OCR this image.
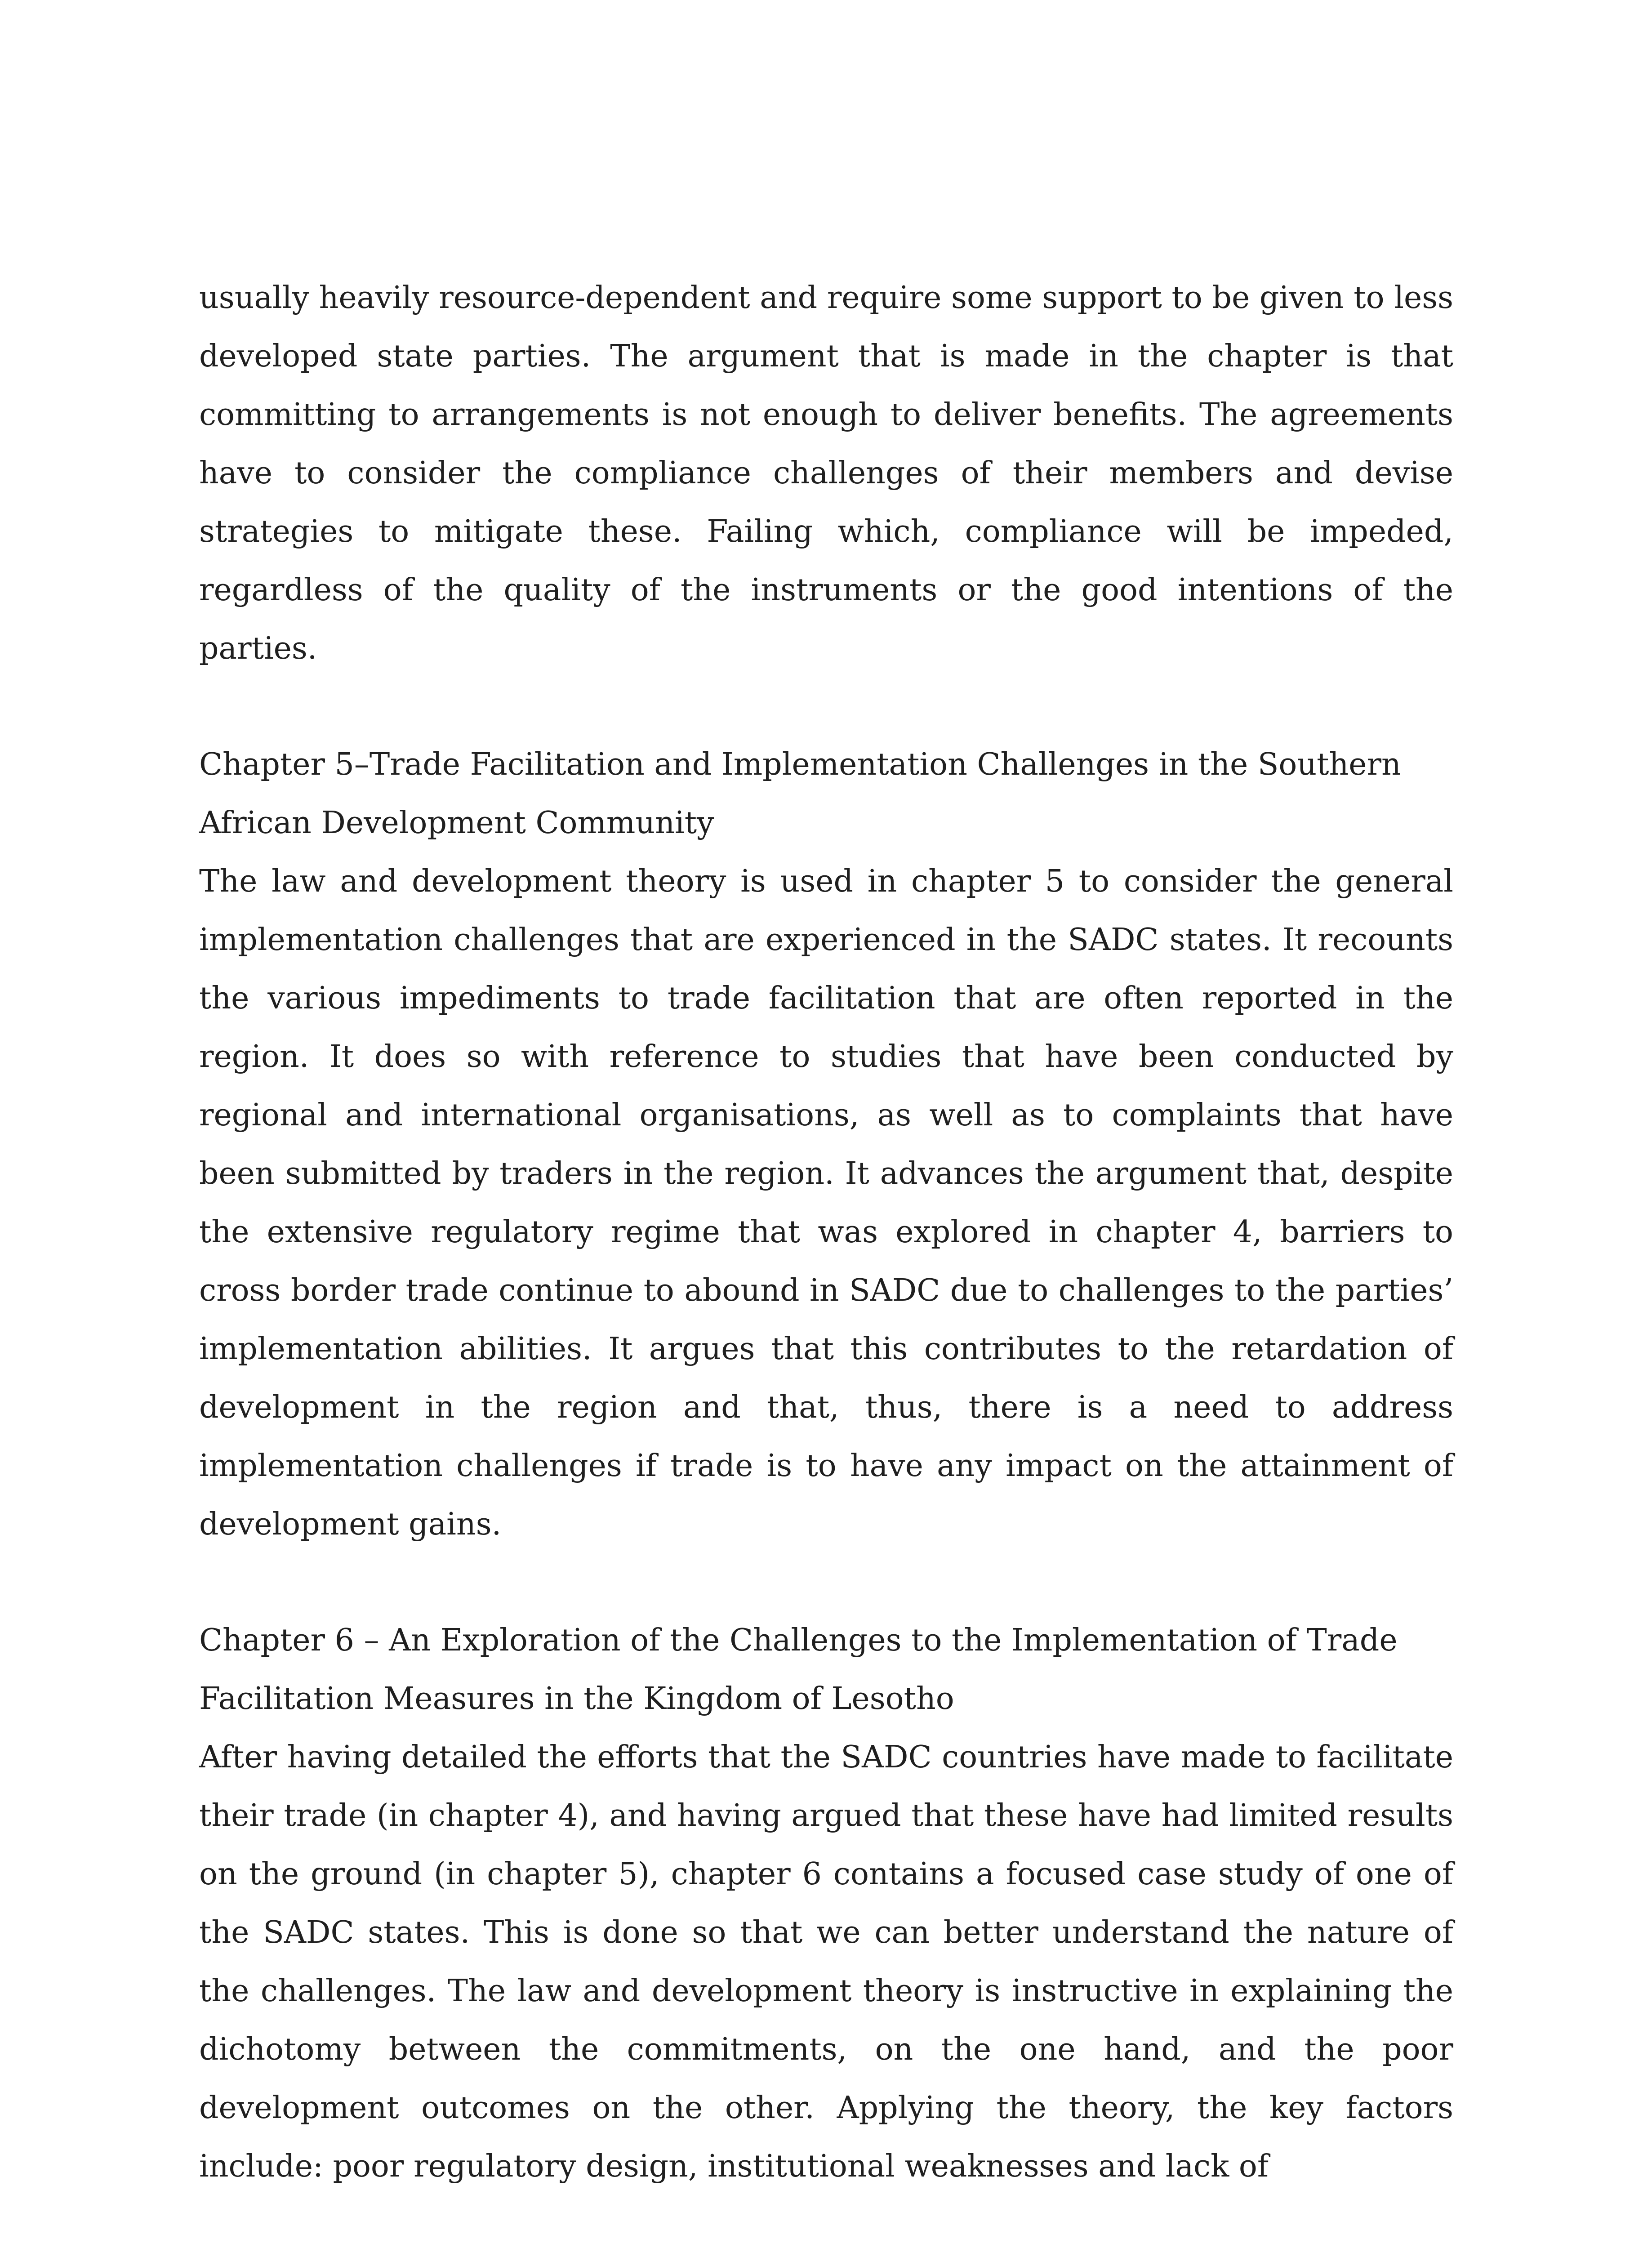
usually heavily resource-dependent and require some support to be given to less developed state parties. The argument that is made in the chapter is that committing to arrangements is not enough to deliver benefits. The agreements have to consider the compliance challenges of their members and devise strategies to mitigate these. Failing which, compliance will be impeded, regardless of the quality of the instruments or the good intentions of the parties.

Chapter 5–Trade Facilitation and Implementation Challenges in the Southern African Development Community

The law and development theory is used in chapter 5 to consider the general implementation challenges that are experienced in the SADC states. It recounts the various impediments to trade facilitation that are often reported in the region. It does so with reference to studies that have been conducted by regional and international organisations, as well as to complaints that have been submitted by traders in the region. It advances the argument that, despite the extensive regulatory regime that was explored in chapter 4, barriers to cross border trade continue to abound in SADC due to challenges to the parties’ implementation abilities. It argues that this contributes to the retardation of development in the region and that, thus, there is a need to address implementation challenges if trade is to have any impact on the attainment of development gains.

Chapter 6 – An Exploration of the Challenges to the Implementation of Trade Facilitation Measures in the Kingdom of Lesotho

After having detailed the efforts that the SADC countries have made to facilitate their trade (in chapter 4), and having argued that these have had limited results on the ground (in chapter 5), chapter 6 contains a focused case study of one of the SADC states. This is done so that we can better understand the nature of the challenges. The law and development theory is instructive in explaining the dichotomy between the commitments, on the one hand, and the poor development outcomes on the other. Applying the theory, the key factors include: poor regulatory design, institutional weaknesses and lack of
